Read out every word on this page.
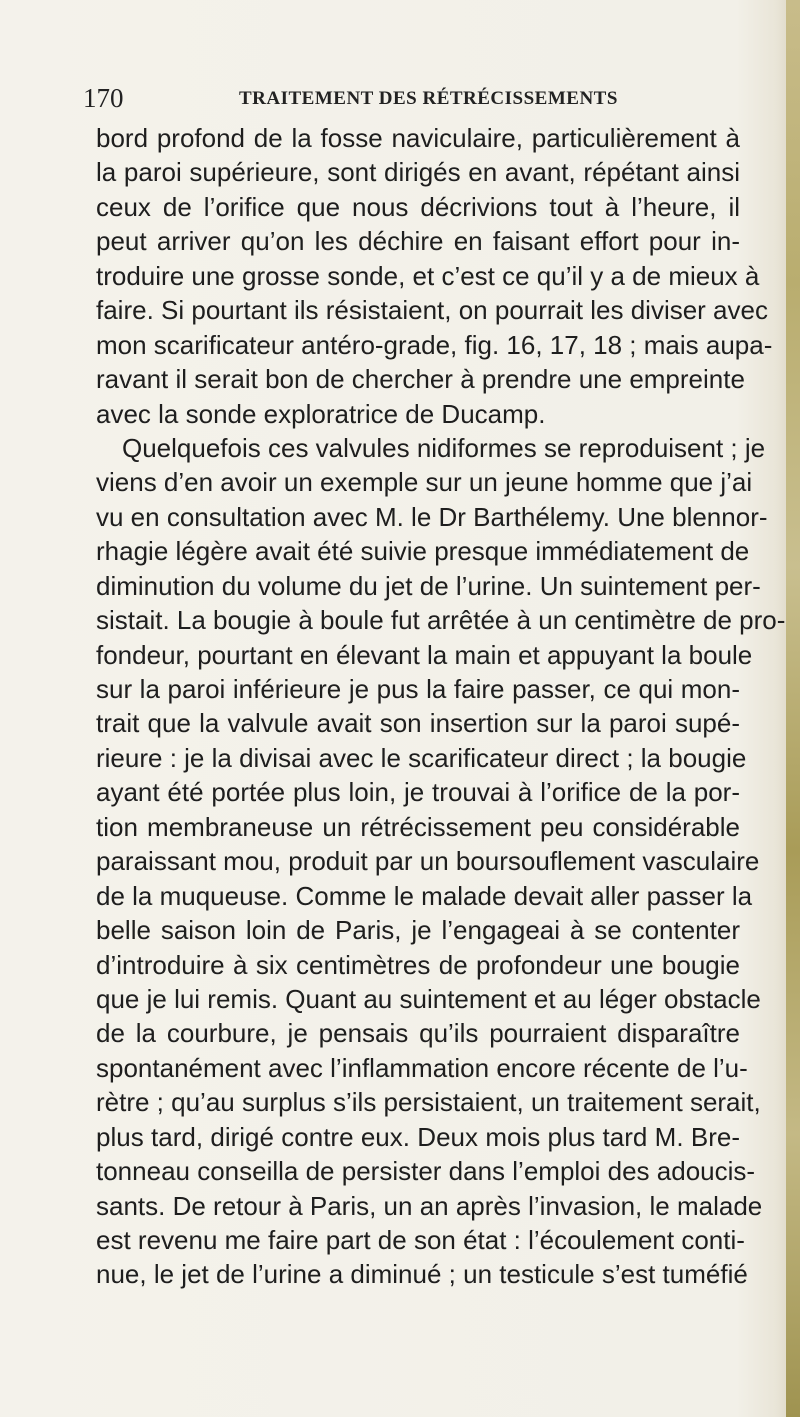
170	TRAITEMENT DES RÉTRÉCISSEMENTS
bord profond de la fosse naviculaire, particulièrement à
la paroi supérieure, sont dirigés en avant, répétant ainsi
ceux de l’orifice que nous décrivions tout à l’heure, il
peut arriver qu’on les déchire en faisant effort pour in-
troduire une grosse sonde, et c’est ce qu’il y a de mieux à
faire. Si pourtant ils résistaient, on pourrait les diviser avec
mon scarificateur antéro-grade, fig. 16, 17, 18 ; mais aupa-
ravant il serait bon de chercher à prendre une empreinte
avec la sonde exploratrice de Ducamp.
Quelquefois ces valvules nidiformes se reproduisent ; je
viens d’en avoir un exemple sur un jeune homme que j’ai
vu en consultation avec M. le Dr Barthélemy. Une blennor-
rhagie légère avait été suivie presque immédiatement de
diminution du volume du jet de l’urine. Un suintement per-
sistait. La bougie à boule fut arrêtée à un centimètre de pro-
fondeur, pourtant en élevant la main et appuyant la boule
sur la paroi inférieure je pus la faire passer, ce qui mon-
trait que la valvule avait son insertion sur la paroi supé-
rieure : je la divisai avec le scarificateur direct ; la bougie
ayant été portée plus loin, je trouvai à l’orifice de la por-
tion membraneuse un rétrécissement peu considérable
paraissant mou, produit par un boursouflement vasculaire
de la muqueuse. Comme le malade devait aller passer la
belle saison loin de Paris, je l’engageai à se contenter
d’introduire à six centimètres de profondeur une bougie
que je lui remis. Quant au suintement et au léger obstacle
de la courbure, je pensais qu’ils pourraient disparaître
spontanément avec l’inflammation encore récente de l’u-
rètre ; qu’au surplus s’ils persistaient, un traitement serait,
plus tard, dirigé contre eux. Deux mois plus tard M. Bre-
tonneau conseilla de persister dans l’emploi des adoucis-
sants. De retour à Paris, un an après l’invasion, le malade
est revenu me faire part de son état : l’écoulement conti-
nue, le jet de l’urine a diminué ; un testicule s’est tuméfié
